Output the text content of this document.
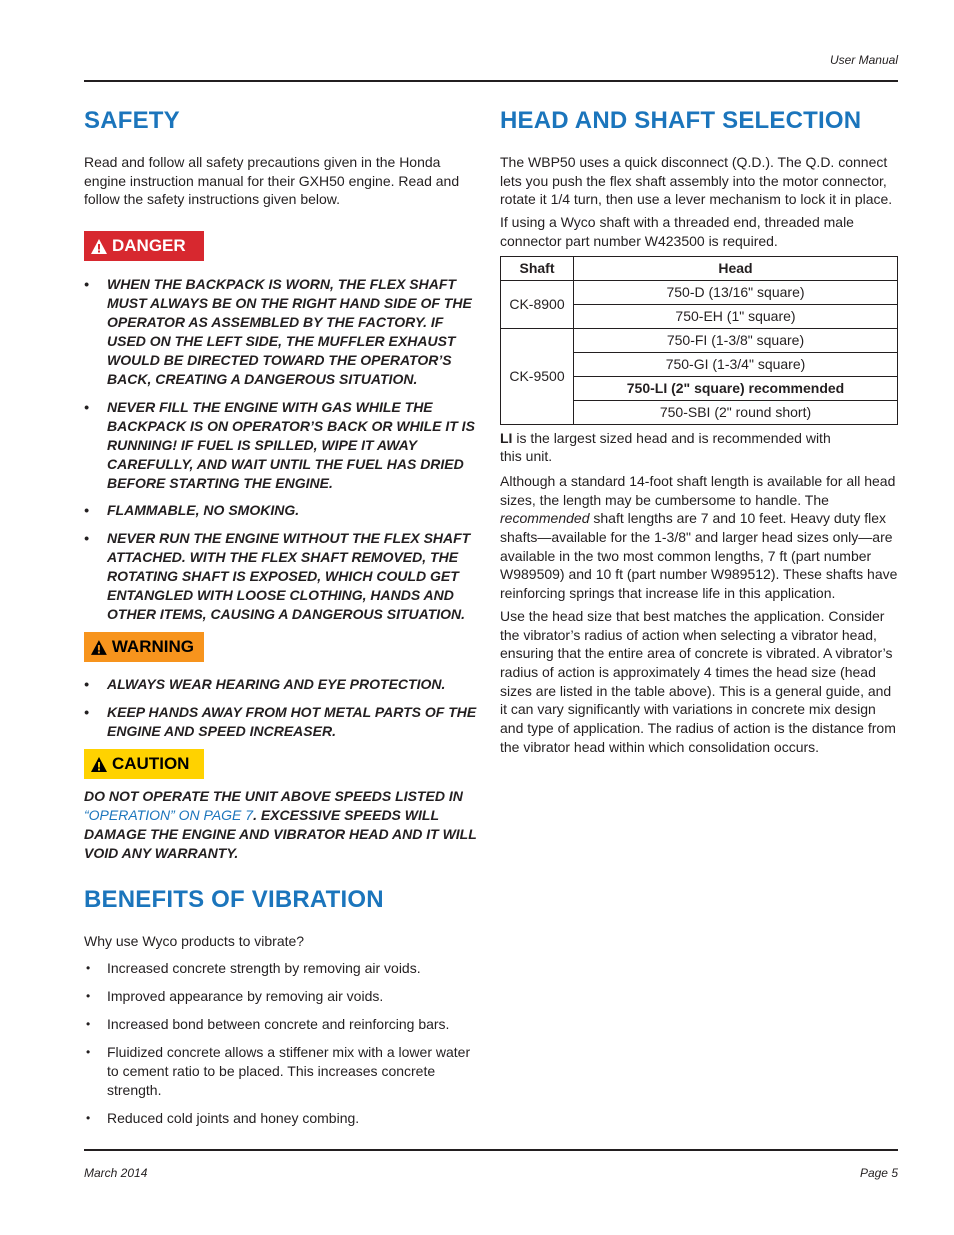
User Manual
SAFETY

Read and follow all safety precautions given in the Honda engine instruction manual for their GXH50 engine. Read and follow the safety instructions given below.

DANGER
• WHEN THE BACKPACK IS WORN, THE FLEX SHAFT MUST ALWAYS BE ON THE RIGHT HAND SIDE OF THE OPERATOR AS ASSEMBLED BY THE FACTORY. IF USED ON THE LEFT SIDE, THE MUFFLER EXHAUST WOULD BE DIRECTED TOWARD THE OPERATOR’S BACK, CREATING A DANGEROUS SITUATION.
• NEVER FILL THE ENGINE WITH GAS WHILE THE BACKPACK IS ON OPERATOR’S BACK OR WHILE IT IS RUNNING! IF FUEL IS SPILLED, WIPE IT AWAY CAREFULLY, AND WAIT UNTIL THE FUEL HAS DRIED BEFORE STARTING THE ENGINE.
• FLAMMABLE, NO SMOKING.
• NEVER RUN THE ENGINE WITHOUT THE FLEX SHAFT ATTACHED. WITH THE FLEX SHAFT REMOVED, THE ROTATING SHAFT IS EXPOSED, WHICH COULD GET ENTANGLED WITH LOOSE CLOTHING, HANDS AND OTHER ITEMS, CAUSING A DANGEROUS SITUATION.
WARNING
• ALWAYS WEAR HEARING AND EYE PROTECTION.
• KEEP HANDS AWAY FROM HOT METAL PARTS OF THE ENGINE AND SPEED INCREASER.
CAUTION
DO NOT OPERATE THE UNIT ABOVE SPEEDS LISTED IN “OPERATION” ON PAGE 7. EXCESSIVE SPEEDS WILL DAMAGE THE ENGINE AND VIBRATOR HEAD AND IT WILL VOID ANY WARRANTY.
BENEFITS OF VIBRATION

Why use Wyco products to vibrate?

• Increased concrete strength by removing air voids.
• Improved appearance by removing air voids.
• Increased bond between concrete and reinforcing bars.
• Fluidized concrete allows a stiffener mix with a lower water to cement ratio to be placed. This increases concrete strength.
• Reduced cold joints and honey combing.
HEAD AND SHAFT SELECTION

The WBP50 uses a quick disconnect (Q.D.). The Q.D. connect lets you push the flex shaft assembly into the motor connector, rotate it 1/4 turn, then use a lever mechanism to lock it in place.

If using a Wyco shaft with a threaded end, threaded male connector part number W423500 is required.

Shaft	Head
CK-8900	750-D (13/16" square)
	750-EH (1" square)
CK-9500	750-FI (1-3/8" square)
	750-GI (1-3/4" square)
	750-LI (2" square) recommended
	750-SBI (2" round short)

LI is the largest sized head and is recommended with this unit.

Although a standard 14-foot shaft length is available for all head sizes, the length may be cumbersome to handle. The recommended shaft lengths are 7 and 10 feet. Heavy duty flex shafts—available for the 1-3/8" and larger head sizes only—are available in the two most common lengths, 7 ft (part number W989509) and 10 ft (part number W989512). These shafts have reinforcing springs that increase life in this application.

Use the head size that best matches the application. Consider the vibrator’s radius of action when selecting a vibrator head, ensuring that the entire area of concrete is vibrated. A vibrator’s radius of action is approximately 4 times the head size (head sizes are listed in the table above). This is a general guide, and it can vary significantly with variations in concrete mix design and type of application. The radius of action is the distance from the vibrator head within which consolidation occurs.

March 2014	Page 5
